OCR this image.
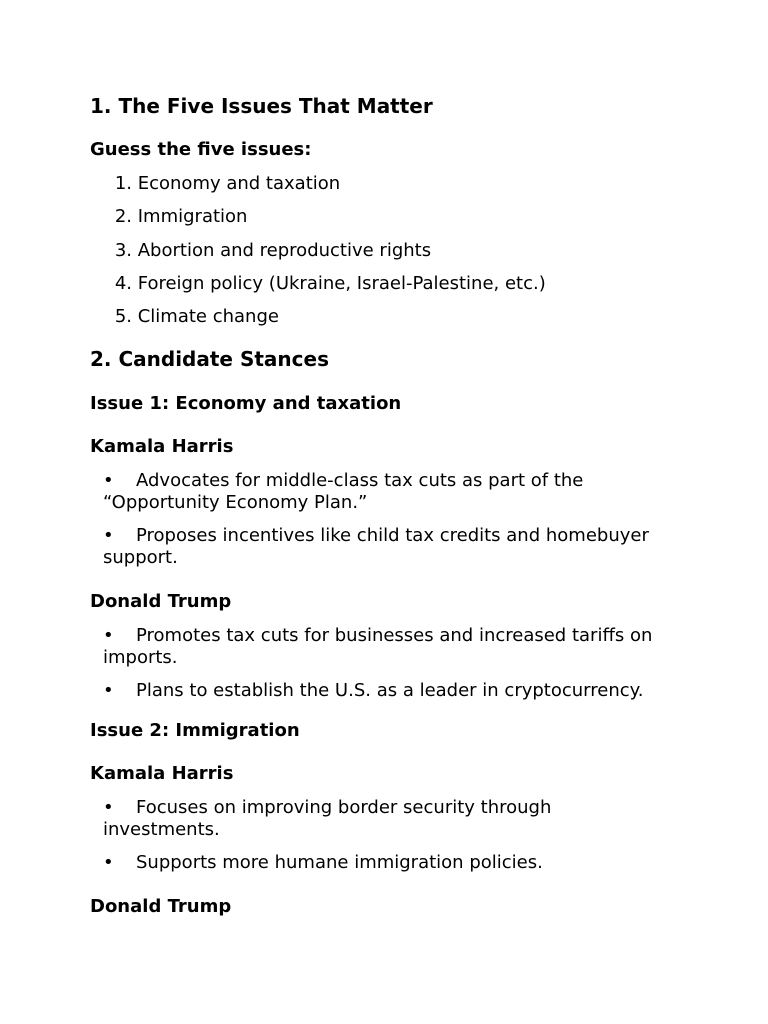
1. The Five Issues That Matter
Guess the five issues:
1. Economy and taxation
2. Immigration
3. Abortion and reproductive rights
4. Foreign policy (Ukraine, Israel-Palestine, etc.)
5. Climate change
2. Candidate Stances
Issue 1: Economy and taxation
Kamala Harris
• Advocates for middle-class tax cuts as part of the
“Opportunity Economy Plan.”
• Proposes incentives like child tax credits and homebuyer
support.
Donald Trump
• Promotes tax cuts for businesses and increased tariffs on
imports.
• Plans to establish the U.S. as a leader in cryptocurrency.
Issue 2: Immigration
Kamala Harris
• Focuses on improving border security through
investments.
• Supports more humane immigration policies.
Donald Trump
